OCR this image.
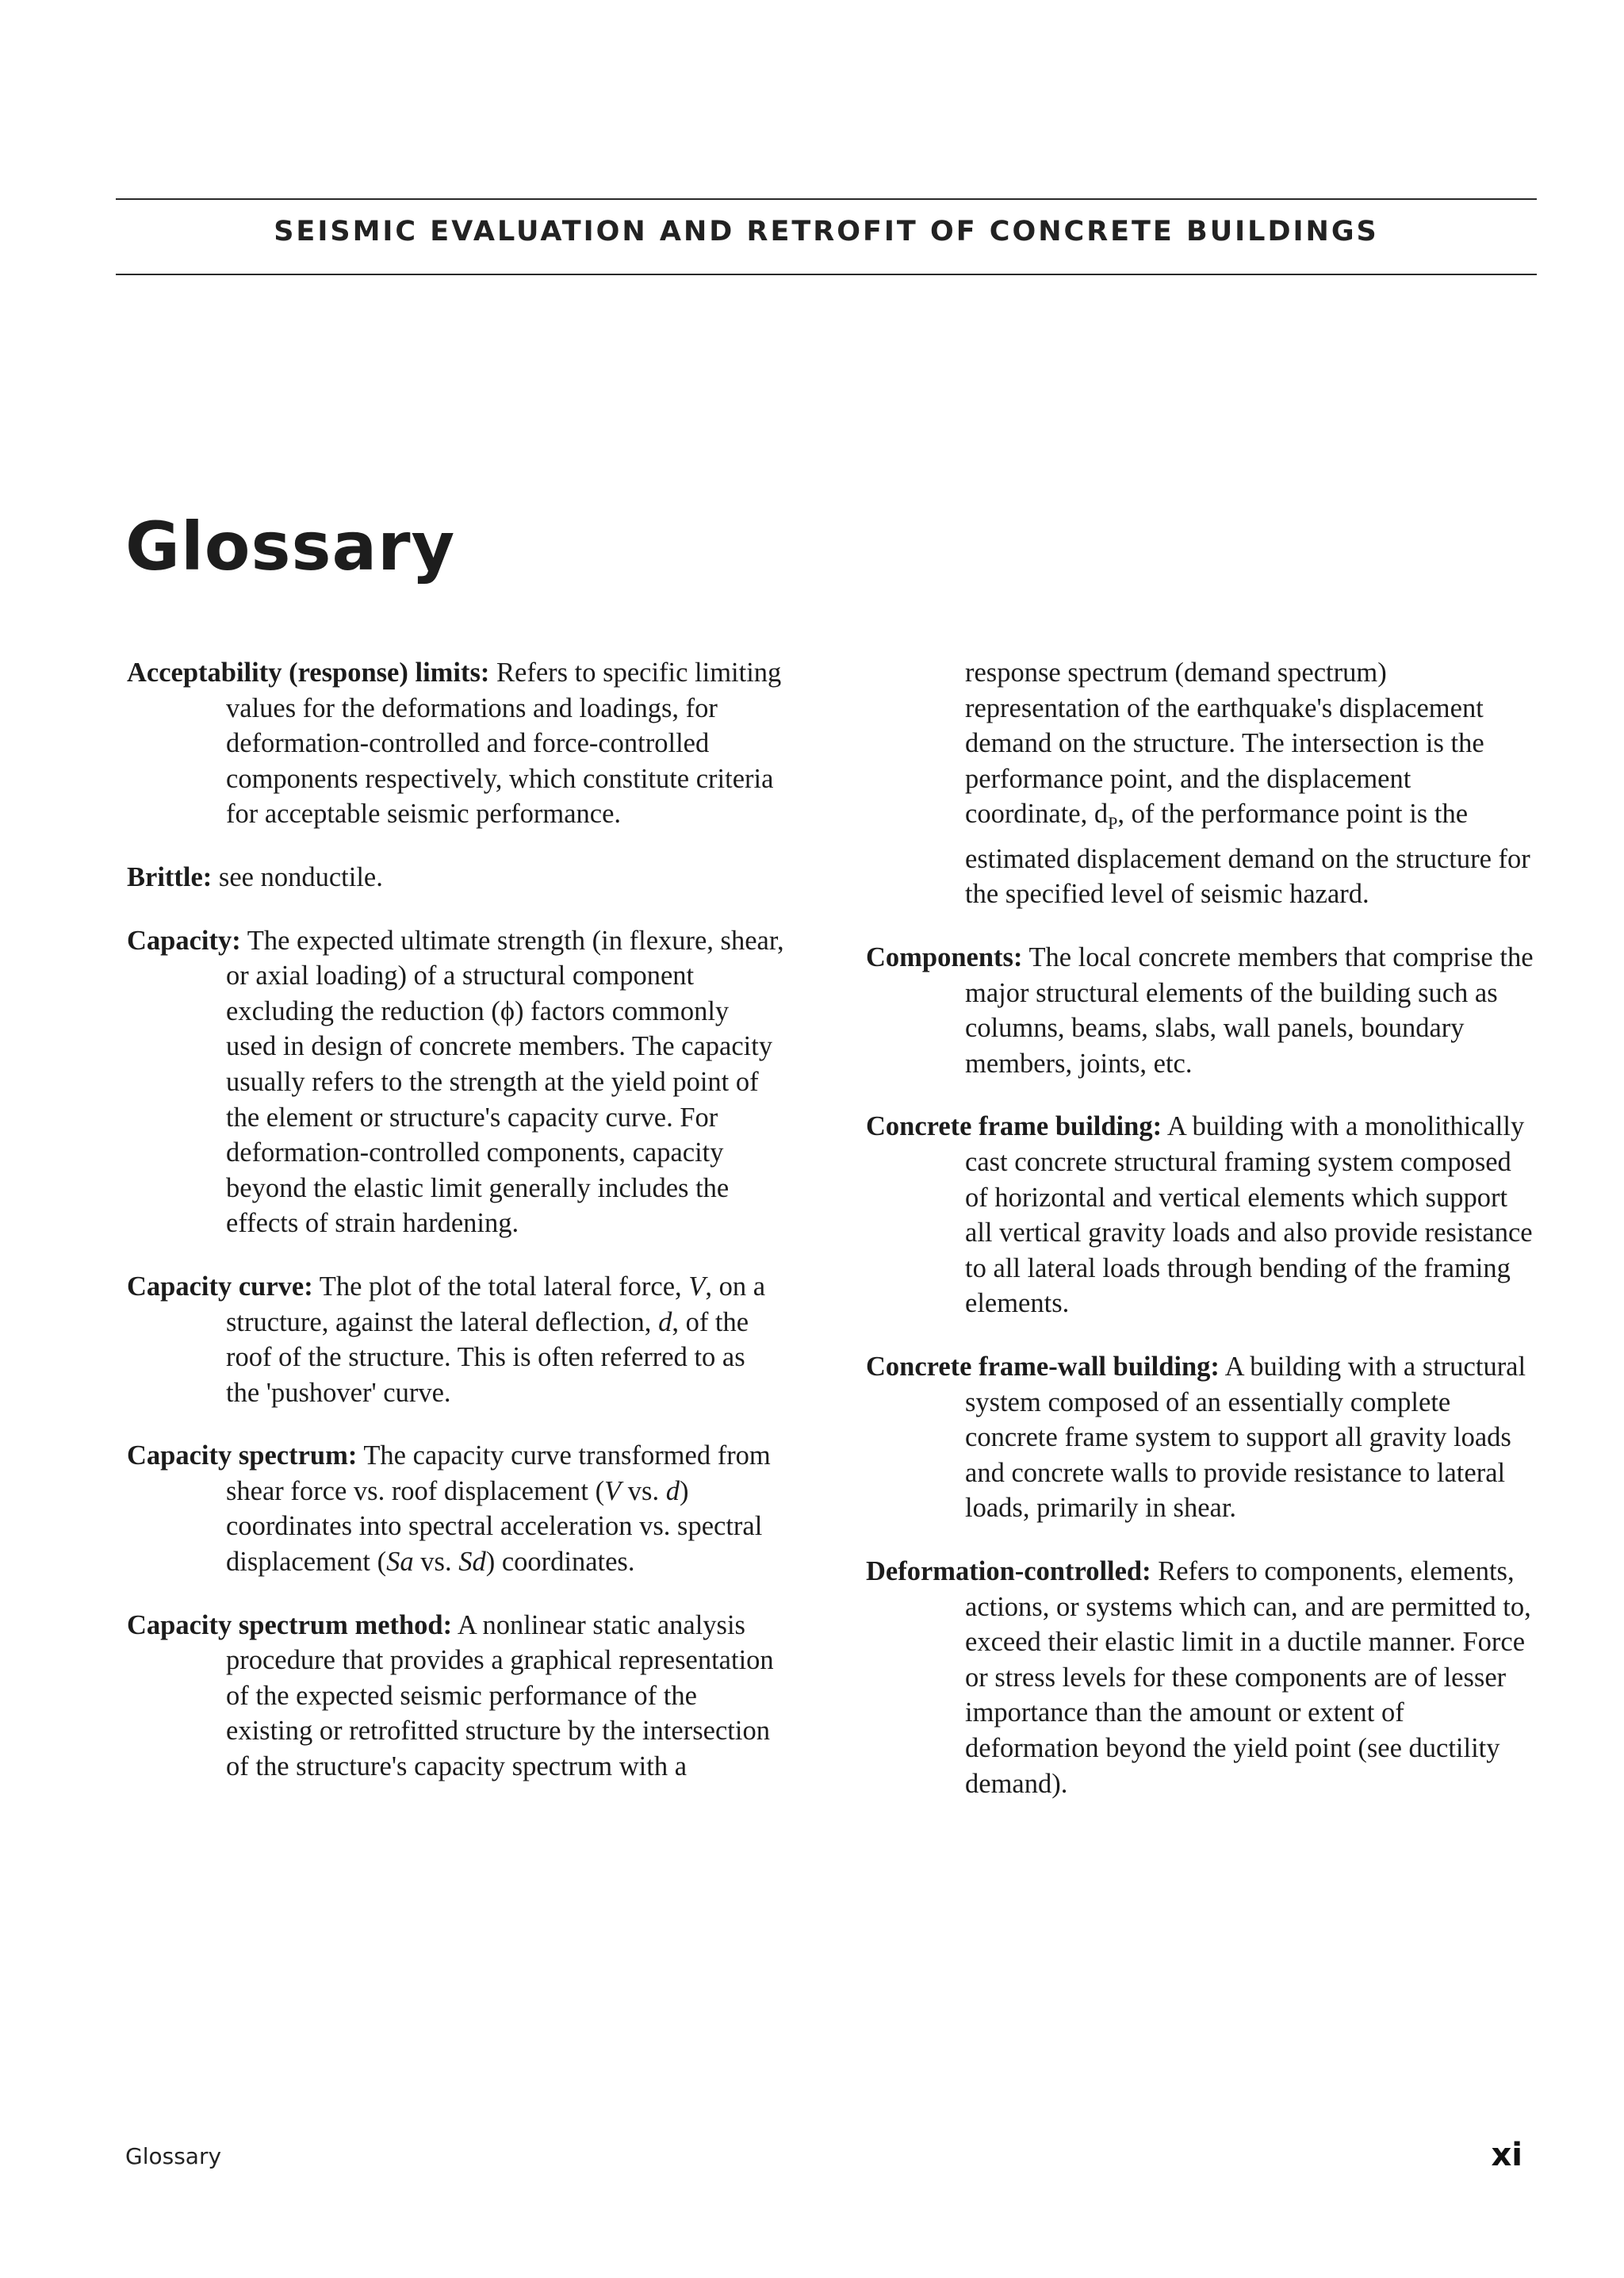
SEISMIC EVALUATION AND RETROFIT OF CONCRETE BUILDINGS
Glossary

Acceptability (response) limits: Refers to specific limiting values for the deformations and loadings, for deformation-controlled and force-controlled components respectively, which constitute criteria for acceptable seismic performance.

Brittle: see nonductile.

Capacity: The expected ultimate strength (in flexure, shear, or axial loading) of a structural component excluding the reduction (ϕ) factors commonly used in design of concrete members. The capacity usually refers to the strength at the yield point of the element or structure's capacity curve. For deformation-controlled components, capacity beyond the elastic limit generally includes the effects of strain hardening.

Capacity curve: The plot of the total lateral force, V, on a structure, against the lateral deflection, d, of the roof of the structure. This is often referred to as the 'pushover' curve.

Capacity spectrum: The capacity curve transformed from shear force vs. roof displacement (V vs. d) coordinates into spectral acceleration vs. spectral displacement (Sa vs. Sd) coordinates.

Capacity spectrum method: A nonlinear static analysis procedure that provides a graphical representation of the expected seismic performance of the existing or retrofitted structure by the intersection of the structure's capacity spectrum with a

response spectrum (demand spectrum) representation of the earthquake's displacement demand on the structure. The intersection is the performance point, and the displacement coordinate, $d_P$, of the performance point is the estimated displacement demand on the structure for the specified level of seismic hazard.

Components: The local concrete members that comprise the major structural elements of the building such as columns, beams, slabs, wall panels, boundary members, joints, etc.

Concrete frame building: A building with a monolithically cast concrete structural framing system composed of horizontal and vertical elements which support all vertical gravity loads and also provide resistance to all lateral loads through bending of the framing elements.

Concrete frame-wall building: A building with a structural system composed of an essentially complete concrete frame system to support all gravity loads and concrete walls to provide resistance to lateral loads, primarily in shear.

Deformation-controlled: Refers to components, elements, actions, or systems which can, and are permitted to, exceed their elastic limit in a ductile manner. Force or stress levels for these components are of lesser importance than the amount or extent of deformation beyond the yield point (see ductility demand).

Glossary	xi
